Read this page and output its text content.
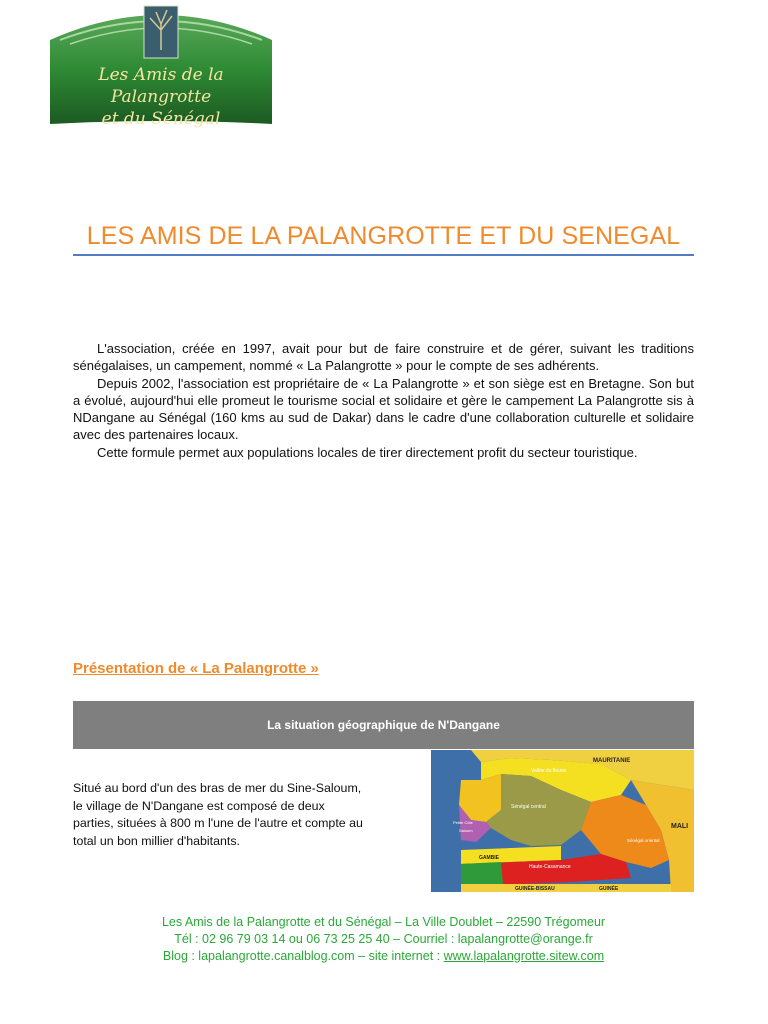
Les Amis de la Palangrotte
et du Sénégal
LES AMIS DE LA PALANGROTTE ET DU SENEGAL

L'association, créée en 1997, avait pour but de faire construire et de gérer, suivant les traditions sénégalaises, un campement, nommé « La Palangrotte » pour le compte de ses adhérents.

Depuis 2002, l'association est propriétaire de « La Palangrotte » et son siège est en Bretagne. Son but a évolué, aujourd'hui elle promeut le tourisme social et solidaire et gère le campement La Palangrotte sis à NDangane au Sénégal (160 kms au sud de Dakar) dans le cadre d'une collaboration culturelle et solidaire avec des partenaires locaux.

Cette formule permet aux populations locales de tirer directement profit du secteur touristique.

Présentation de « La Palangrotte »
La situation géographique de N'Dangane

Situé au bord d'un des bras de mer du Sine-Saloum, le village de N'Dangane est composé de deux parties, situées à 800 m l'une de l'autre et compte au total un bon millier d'habitants.

MAURITANIE
Vallée du fleuve
MALI
Sénégal central
Sénégal oriental
GAMBIE
Haute-Casamance
GUINÉE-BISSAU	GUINÉE
Petite Côte
Saloum
Les Amis de la Palangrotte et du Sénégal – La Ville Doublet – 22590 Trégomeur
Tél : 02 96 79 03 14 ou 06 73 25 25 40 – Courriel : lapalangrotte@orange.fr
Blog : lapalangrotte.canalblog.com – site internet : www.lapalangrotte.sitew.com
